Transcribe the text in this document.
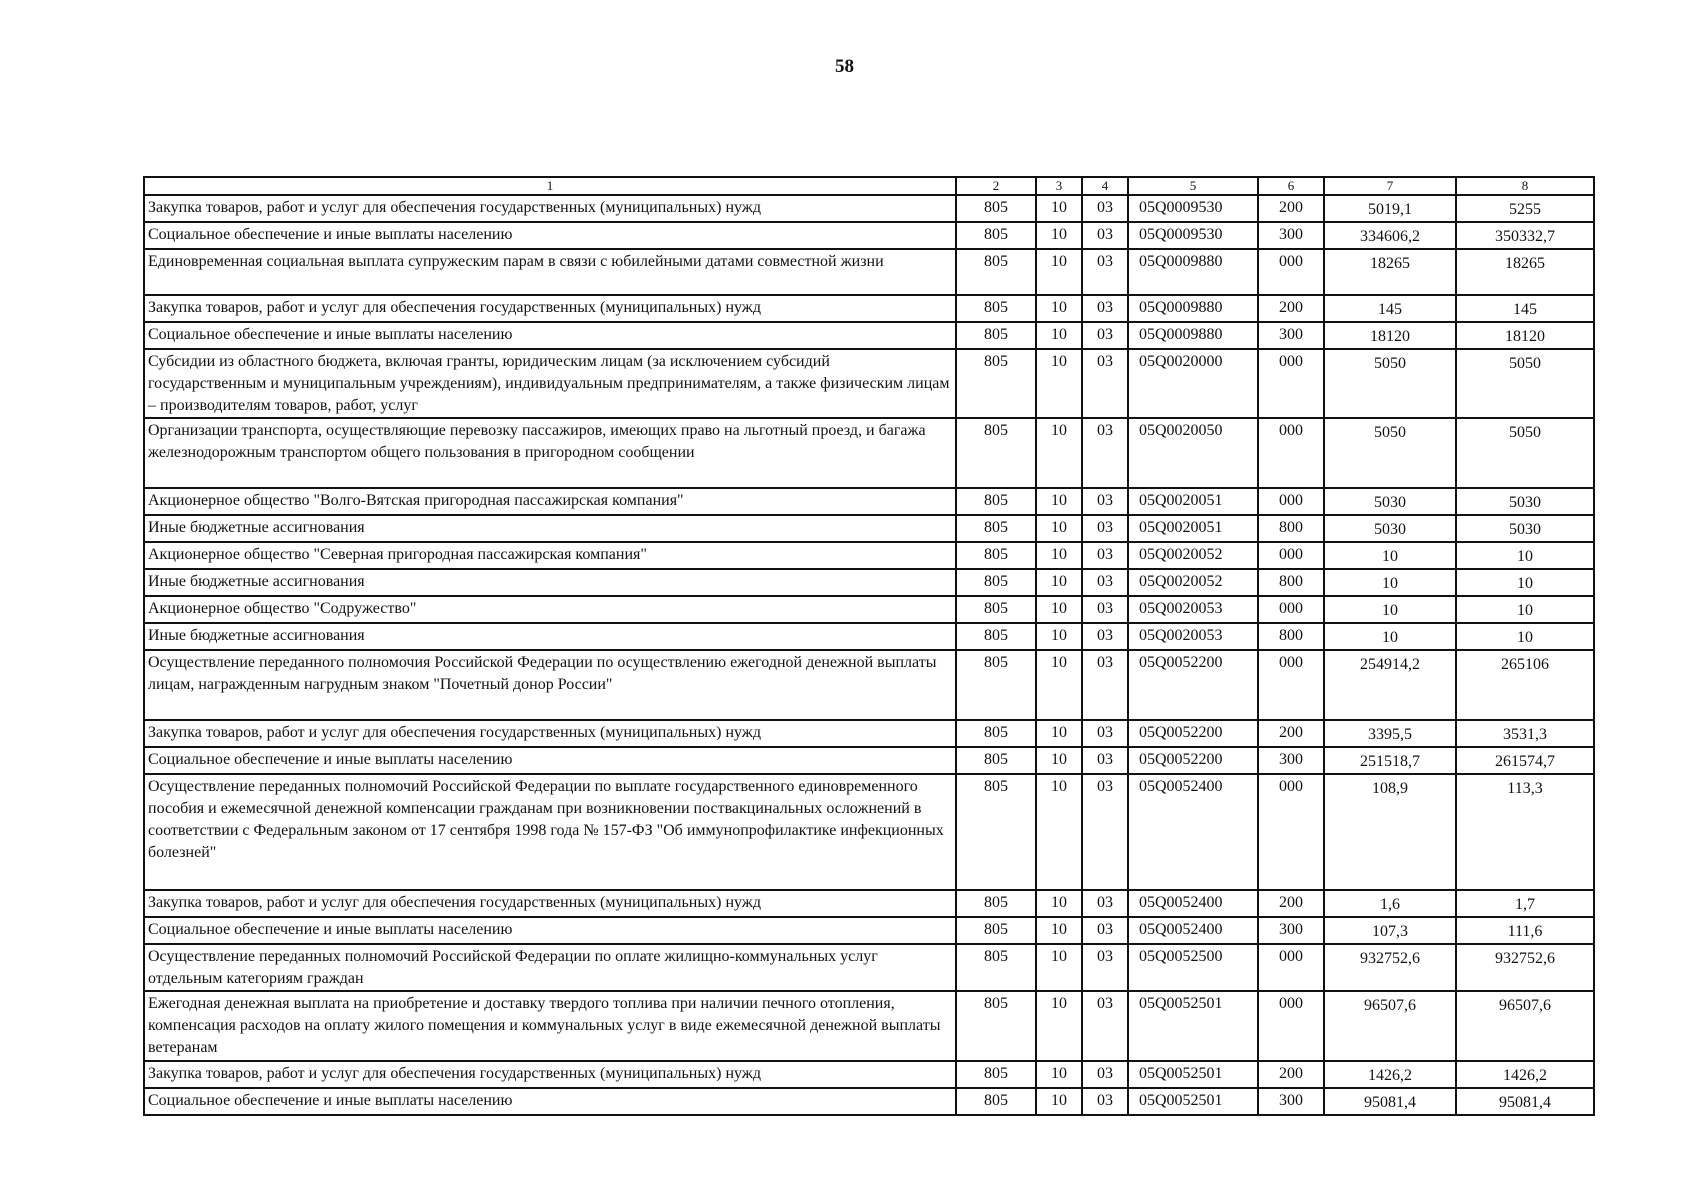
58
1	2	3	4	5	6	7	8
Закупка товаров, работ и услуг для обеспечения государственных (муниципальных) нужд	805	10	03	05Q0009530	200	5019,1	5255
Социальное обеспечение и иные выплаты населению	805	10	03	05Q0009530	300	334606,2	350332,7
Единовременная социальная выплата супружеским парам в связи с юбилейными датами совместной жизни	805	10	03	05Q0009880	000	18265	18265
Закупка товаров, работ и услуг для обеспечения государственных (муниципальных) нужд	805	10	03	05Q0009880	200	145	145
Социальное обеспечение и иные выплаты населению	805	10	03	05Q0009880	300	18120	18120
Субсидии из областного бюджета, включая гранты, юридическим лицам (за исключением субсидий государственным и муниципальным учреждениям), индивидуальным предпринимателям, а также физическим лицам – производителям товаров, работ, услуг	805	10	03	05Q0020000	000	5050	5050
Организации транспорта, осуществляющие перевозку пассажиров, имеющих право на льготный проезд, и багажа железнодорожным транспортом общего пользования в пригородном сообщении	805	10	03	05Q0020050	000	5050	5050
Акционерное общество "Волго-Вятская пригородная пассажирская компания"	805	10	03	05Q0020051	000	5030	5030
Иные бюджетные ассигнования	805	10	03	05Q0020051	800	5030	5030
Акционерное общество "Северная пригородная пассажирская компания"	805	10	03	05Q0020052	000	10	10
Иные бюджетные ассигнования	805	10	03	05Q0020052	800	10	10
Акционерное общество "Содружество"	805	10	03	05Q0020053	000	10	10
Иные бюджетные ассигнования	805	10	03	05Q0020053	800	10	10
Осуществление переданного полномочия Российской Федерации по осуществлению ежегодной денежной выплаты лицам, награжденным нагрудным знаком "Почетный донор России"	805	10	03	05Q0052200	000	254914,2	265106
Закупка товаров, работ и услуг для обеспечения государственных (муниципальных) нужд	805	10	03	05Q0052200	200	3395,5	3531,3
Социальное обеспечение и иные выплаты населению	805	10	03	05Q0052200	300	251518,7	261574,7
Осуществление переданных полномочий Российской Федерации по выплате государственного единовременного пособия и ежемесячной денежной компенсации гражданам при возникновении поствакцинальных осложнений в соответствии с Федеральным законом от 17 сентября 1998 года № 157-ФЗ "Об иммунопрофилактике инфекционных болезней"	805	10	03	05Q0052400	000	108,9	113,3
Закупка товаров, работ и услуг для обеспечения государственных (муниципальных) нужд	805	10	03	05Q0052400	200	1,6	1,7
Социальное обеспечение и иные выплаты населению	805	10	03	05Q0052400	300	107,3	111,6
Осуществление переданных полномочий Российской Федерации по оплате жилищно-коммунальных услуг отдельным категориям граждан	805	10	03	05Q0052500	000	932752,6	932752,6
Ежегодная денежная выплата на приобретение и доставку твердого топлива при наличии печного отопления, компенсация расходов на оплату жилого помещения и коммунальных услуг в виде ежемесячной денежной выплаты ветеранам	805	10	03	05Q0052501	000	96507,6	96507,6
Закупка товаров, работ и услуг для обеспечения государственных (муниципальных) нужд	805	10	03	05Q0052501	200	1426,2	1426,2
Социальное обеспечение и иные выплаты населению	805	10	03	05Q0052501	300	95081,4	95081,4
